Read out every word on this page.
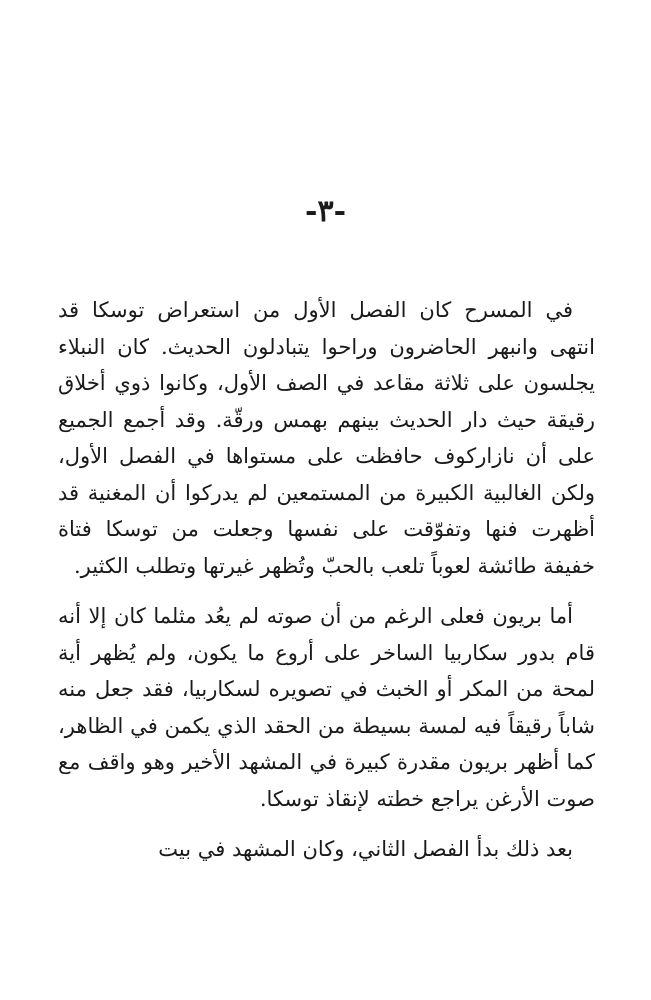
-٣-

في المسرح كان الفصل الأول من استعراض توسكا قد انتهى وانبهر الحاضرون وراحوا يتبادلون الحديث. كان النبلاء يجلسون على ثلاثة مقاعد في الصف الأول، وكانوا ذوي أخلاق رقيقة حيث دار الحديث بينهم بهمس ورقّة. وقد أجمع الجميع على أن نازاركوف حافظت على مستواها في الفصل الأول، ولكن الغالبية الكبيرة من المستمعين لم يدركوا أن المغنية قد أظهرت فنها وتفوّقت على نفسها وجعلت من توسكا فتاة خفيفة طائشة لعوباً تلعب بالحبّ وتُظهر غيرتها وتطلب الكثير.

أما بريون فعلى الرغم من أن صوته لم يعُد مثلما كان إلا أنه قام بدور سكاربيا الساخر على أروع ما يكون، ولم يُظهر أية لمحة من المكر أو الخبث في تصويره لسكاربيا، فقد جعل منه شاباً رقيقاً فيه لمسة بسيطة من الحقد الذي يكمن في الظاهر، كما أظهر بريون مقدرة كبيرة في المشهد الأخير وهو واقف مع صوت الأرغن يراجع خطته لإنقاذ توسكا.

بعد ذلك بدأ الفصل الثاني، وكان المشهد في بيت
